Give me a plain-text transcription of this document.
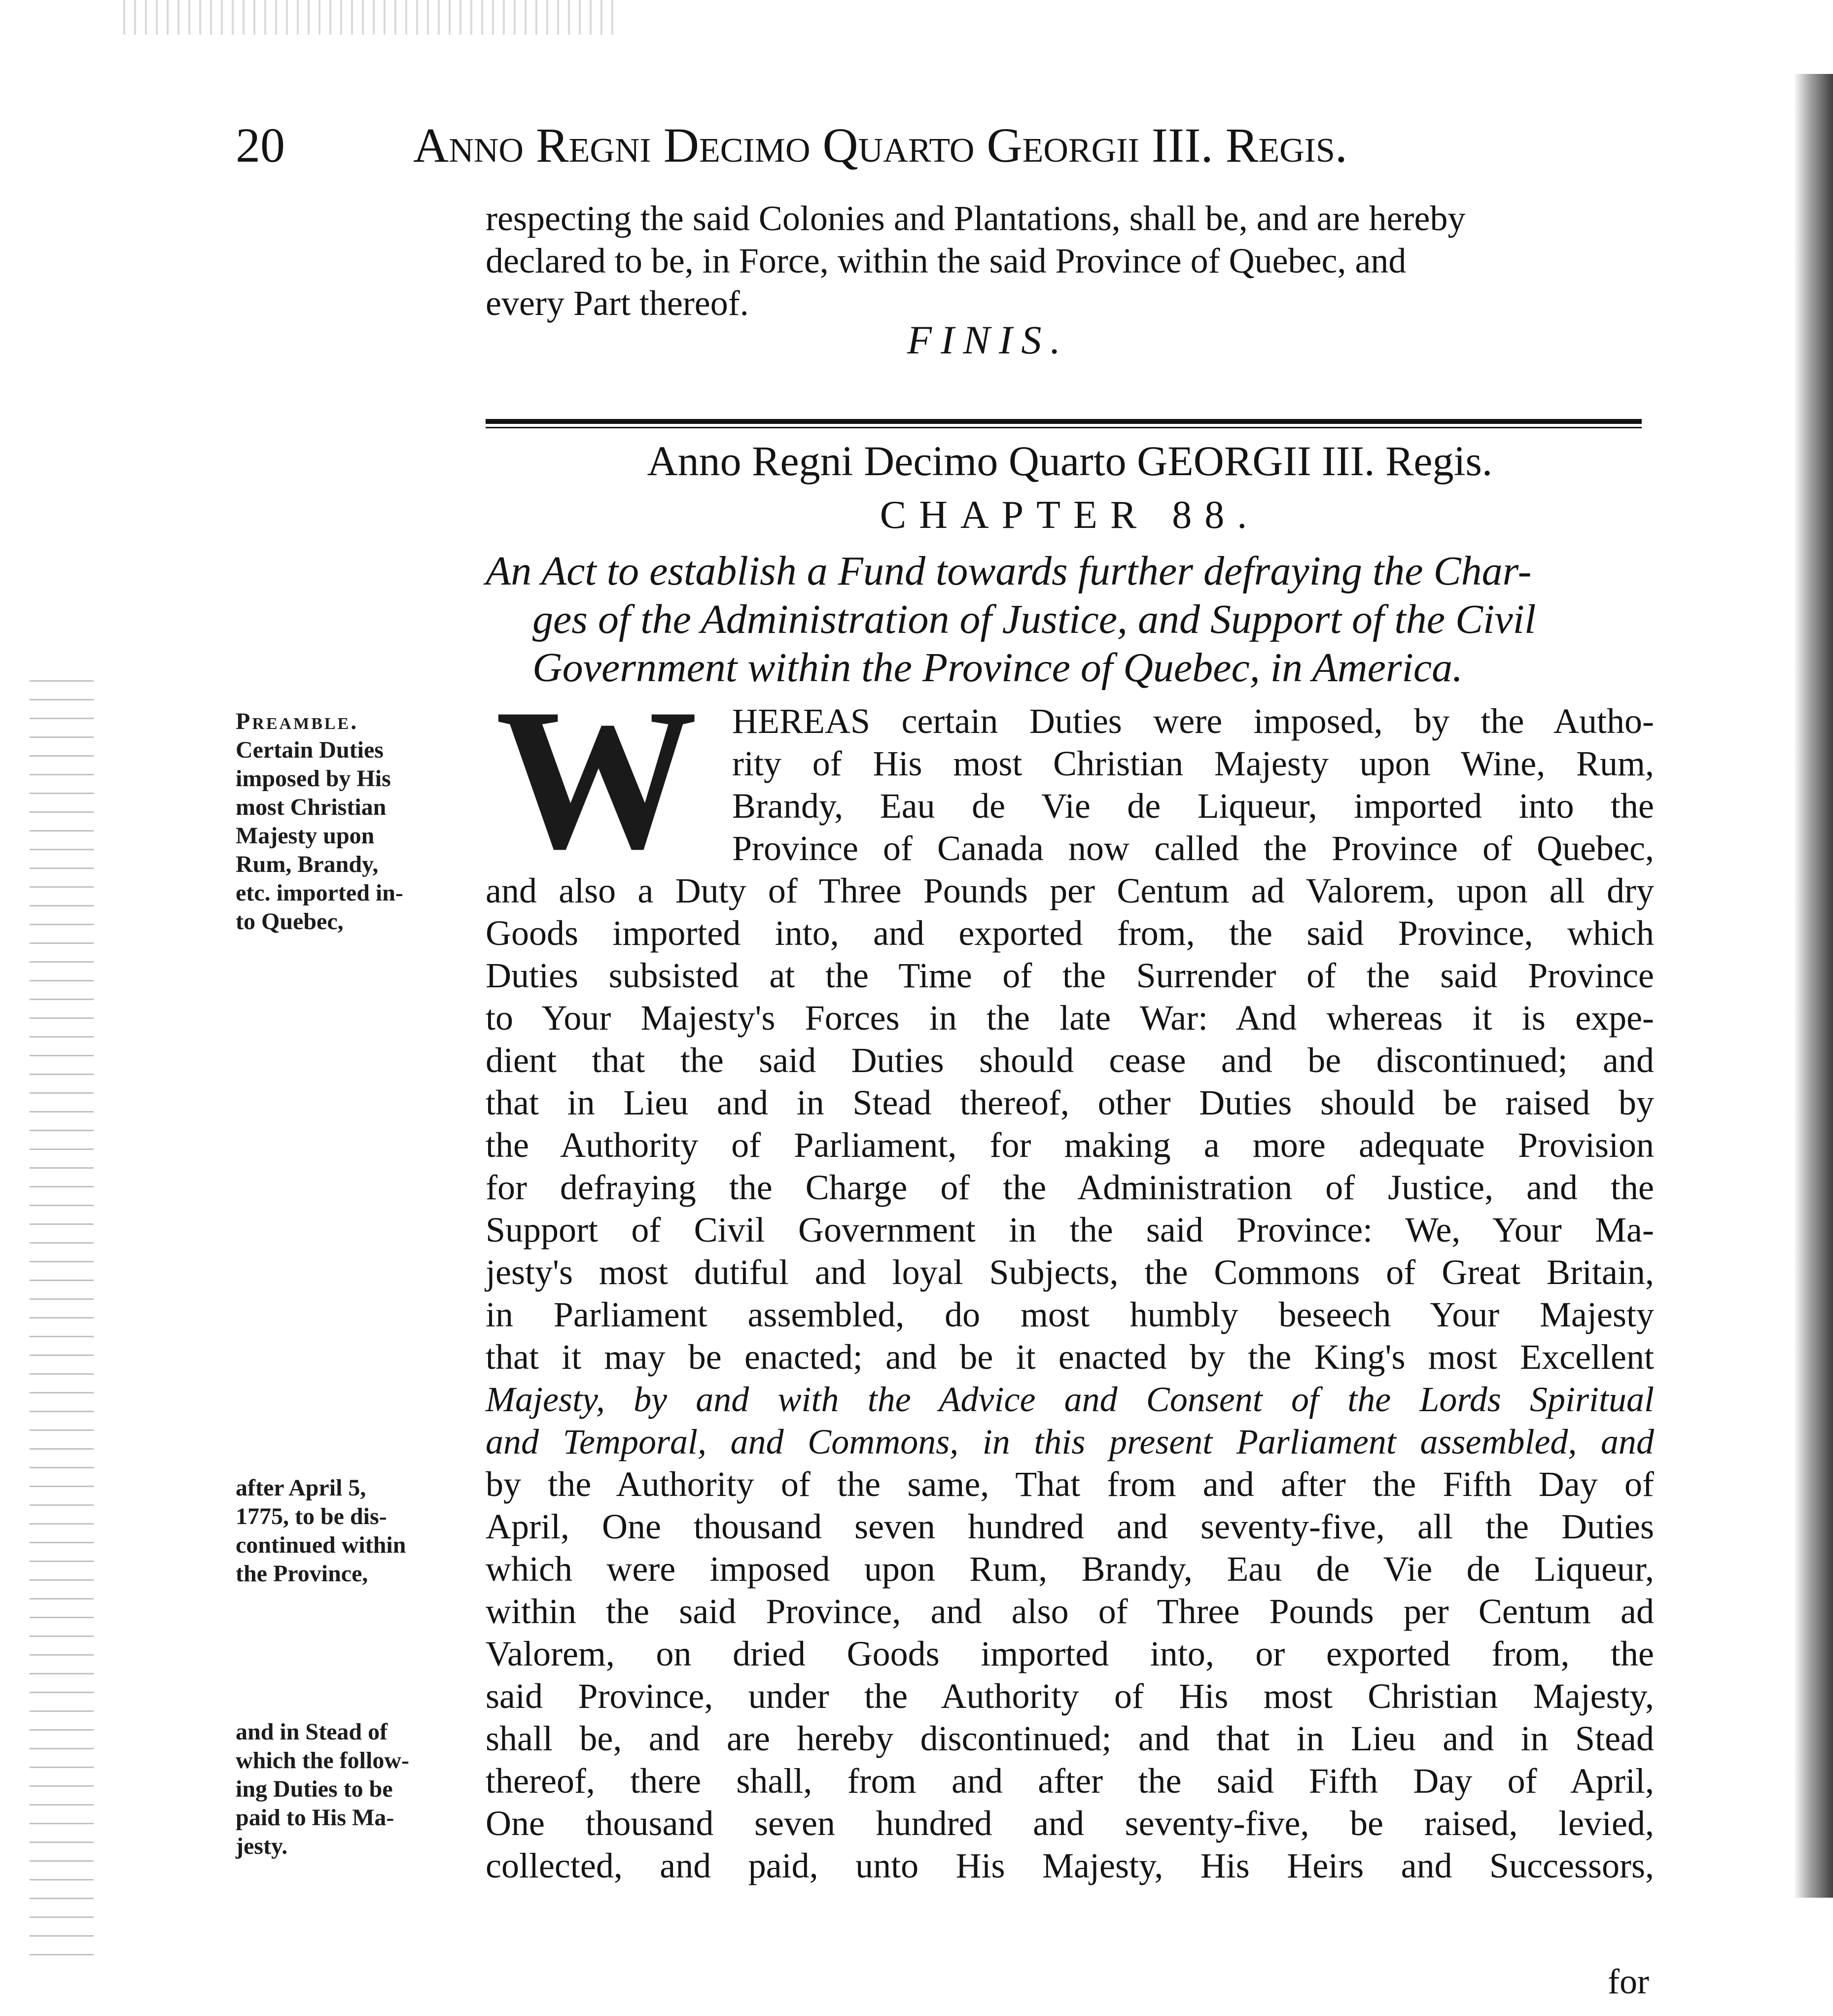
20	Anno Regni Decimo Quarto Georgii III. Regis.
respecting the said Colonies and Plantations, shall be, and are hereby
declared to be, in Force, within the said Province of Quebec, and
every Part thereof.
FINIS.
Anno Regni Decimo Quarto GEORGII III. Regis.
CHAPTER 88.
An Act to establish a Fund towards further defraying the Char-
ges of the Administration of Justice, and Support of the Civil
Government within the Province of Quebec, in America.
W HEREAS certain Duties were imposed, by the Autho-
rity of His most Christian Majesty upon Wine, Rum,
Brandy, Eau de Vie de Liqueur, imported into the
Province of Canada now called the Province of Quebec,
and also a Duty of Three Pounds per Centum ad Valorem, upon all dry
Goods imported into, and exported from, the said Province, which
Duties subsisted at the Time of the Surrender of the said Province
to Your Majesty's Forces in the late War: And whereas it is expe-
dient that the said Duties should cease and be discontinued; and
that in Lieu and in Stead thereof, other Duties should be raised by
the Authority of Parliament, for making a more adequate Provision
for defraying the Charge of the Administration of Justice, and the
Support of Civil Government in the said Province: We, Your Ma-
jesty's most dutiful and loyal Subjects, the Commons of Great Britain,
in Parliament assembled, do most humbly beseech Your Majesty
that it may be enacted; and be it enacted by the King's most Excellent
Majesty, by and with the Advice and Consent of the Lords Spiritual
and Temporal, and Commons, in this present Parliament assembled, and
by the Authority of the same, That from and after the Fifth Day of
April, One thousand seven hundred and seventy-five, all the Duties
which were imposed upon Rum, Brandy, Eau de Vie de Liqueur,
within the said Province, and also of Three Pounds per Centum ad
Valorem, on dried Goods imported into, or exported from, the
said Province, under the Authority of His most Christian Majesty,
shall be, and are hereby discontinued; and that in Lieu and in Stead
thereof, there shall, from and after the said Fifth Day of April,
One thousand seven hundred and seventy-five, be raised, levied,
collected, and paid, unto His Majesty, His Heirs and Successors,
Preamble.
Certain Duties
imposed by His
most Christian
Majesty upon
Rum, Brandy,
etc. imported in-
to Quebec,
after April 5,
1775, to be dis-
continued within
the Province,
and in Stead of
which the follow-
ing Duties to be
paid to His Ma-
jesty.
for
